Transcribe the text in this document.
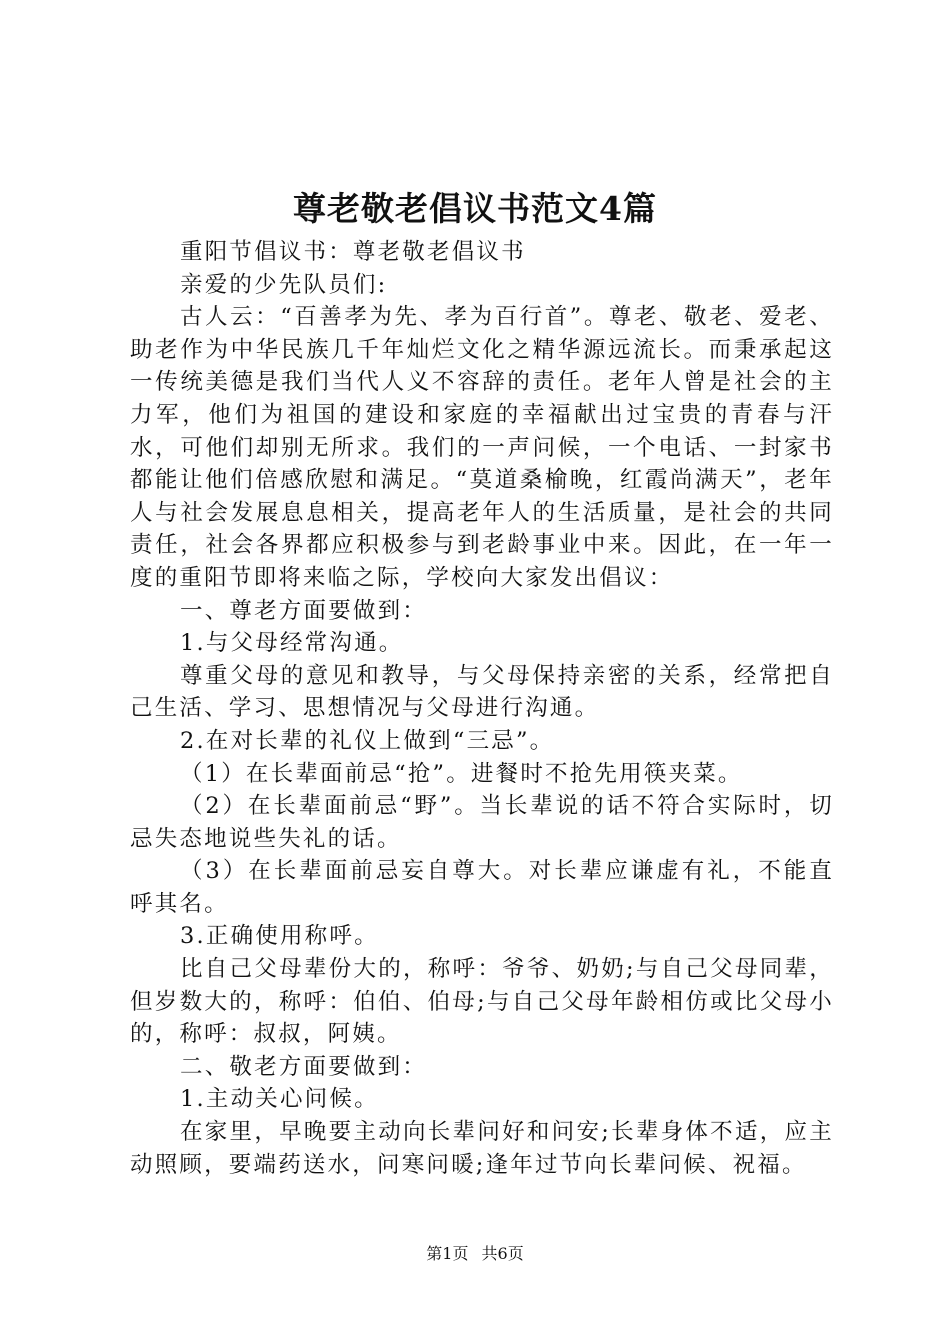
尊老敬老倡议书范文4篇

重阳节倡议书：尊老敬老倡议书

亲爱的少先队员们:

古人云：“百善孝为先、孝为百行首”。尊老、敬老、爱老、助老作为中华民族几千年灿烂文化之精华源远流长。而秉承起这一传统美德是我们当代人义不容辞的责任。老年人曾是社会的主力军，他们为祖国的建设和家庭的幸福献出过宝贵的青春与汗水，可他们却别无所求。我们的一声问候，一个电话、一封家书都能让他们倍感欣慰和满足。“莫道桑榆晚，红霞尚满天”，老年人与社会发展息息相关，提高老年人的生活质量，是社会的共同责任，社会各界都应积极参与到老龄事业中来。因此，在一年一度的重阳节即将来临之际，学校向大家发出倡议：

一、尊老方面要做到：

1.与父母经常沟通。

尊重父母的意见和教导，与父母保持亲密的关系，经常把自己生活、学习、思想情况与父母进行沟通。

2.在对长辈的礼仪上做到“三忌”。

（1）在长辈面前忌“抢”。进餐时不抢先用筷夹菜。

（2）在长辈面前忌“野”。当长辈说的话不符合实际时，切忌失态地说些失礼的话。

（3）在长辈面前忌妄自尊大。对长辈应谦虚有礼，不能直呼其名。

3.正确使用称呼。

比自己父母辈份大的，称呼：爷爷、奶奶;与自己父母同辈，但岁数大的，称呼：伯伯、伯母;与自己父母年龄相仿或比父母小的，称呼：叔叔，阿姨。

二、敬老方面要做到：

1.主动关心问候。

在家里，早晚要主动向长辈问好和问安;长辈身体不适，应主动照顾，要端药送水，问寒问暖;逢年过节向长辈问候、祝福。

第1页 共6页
